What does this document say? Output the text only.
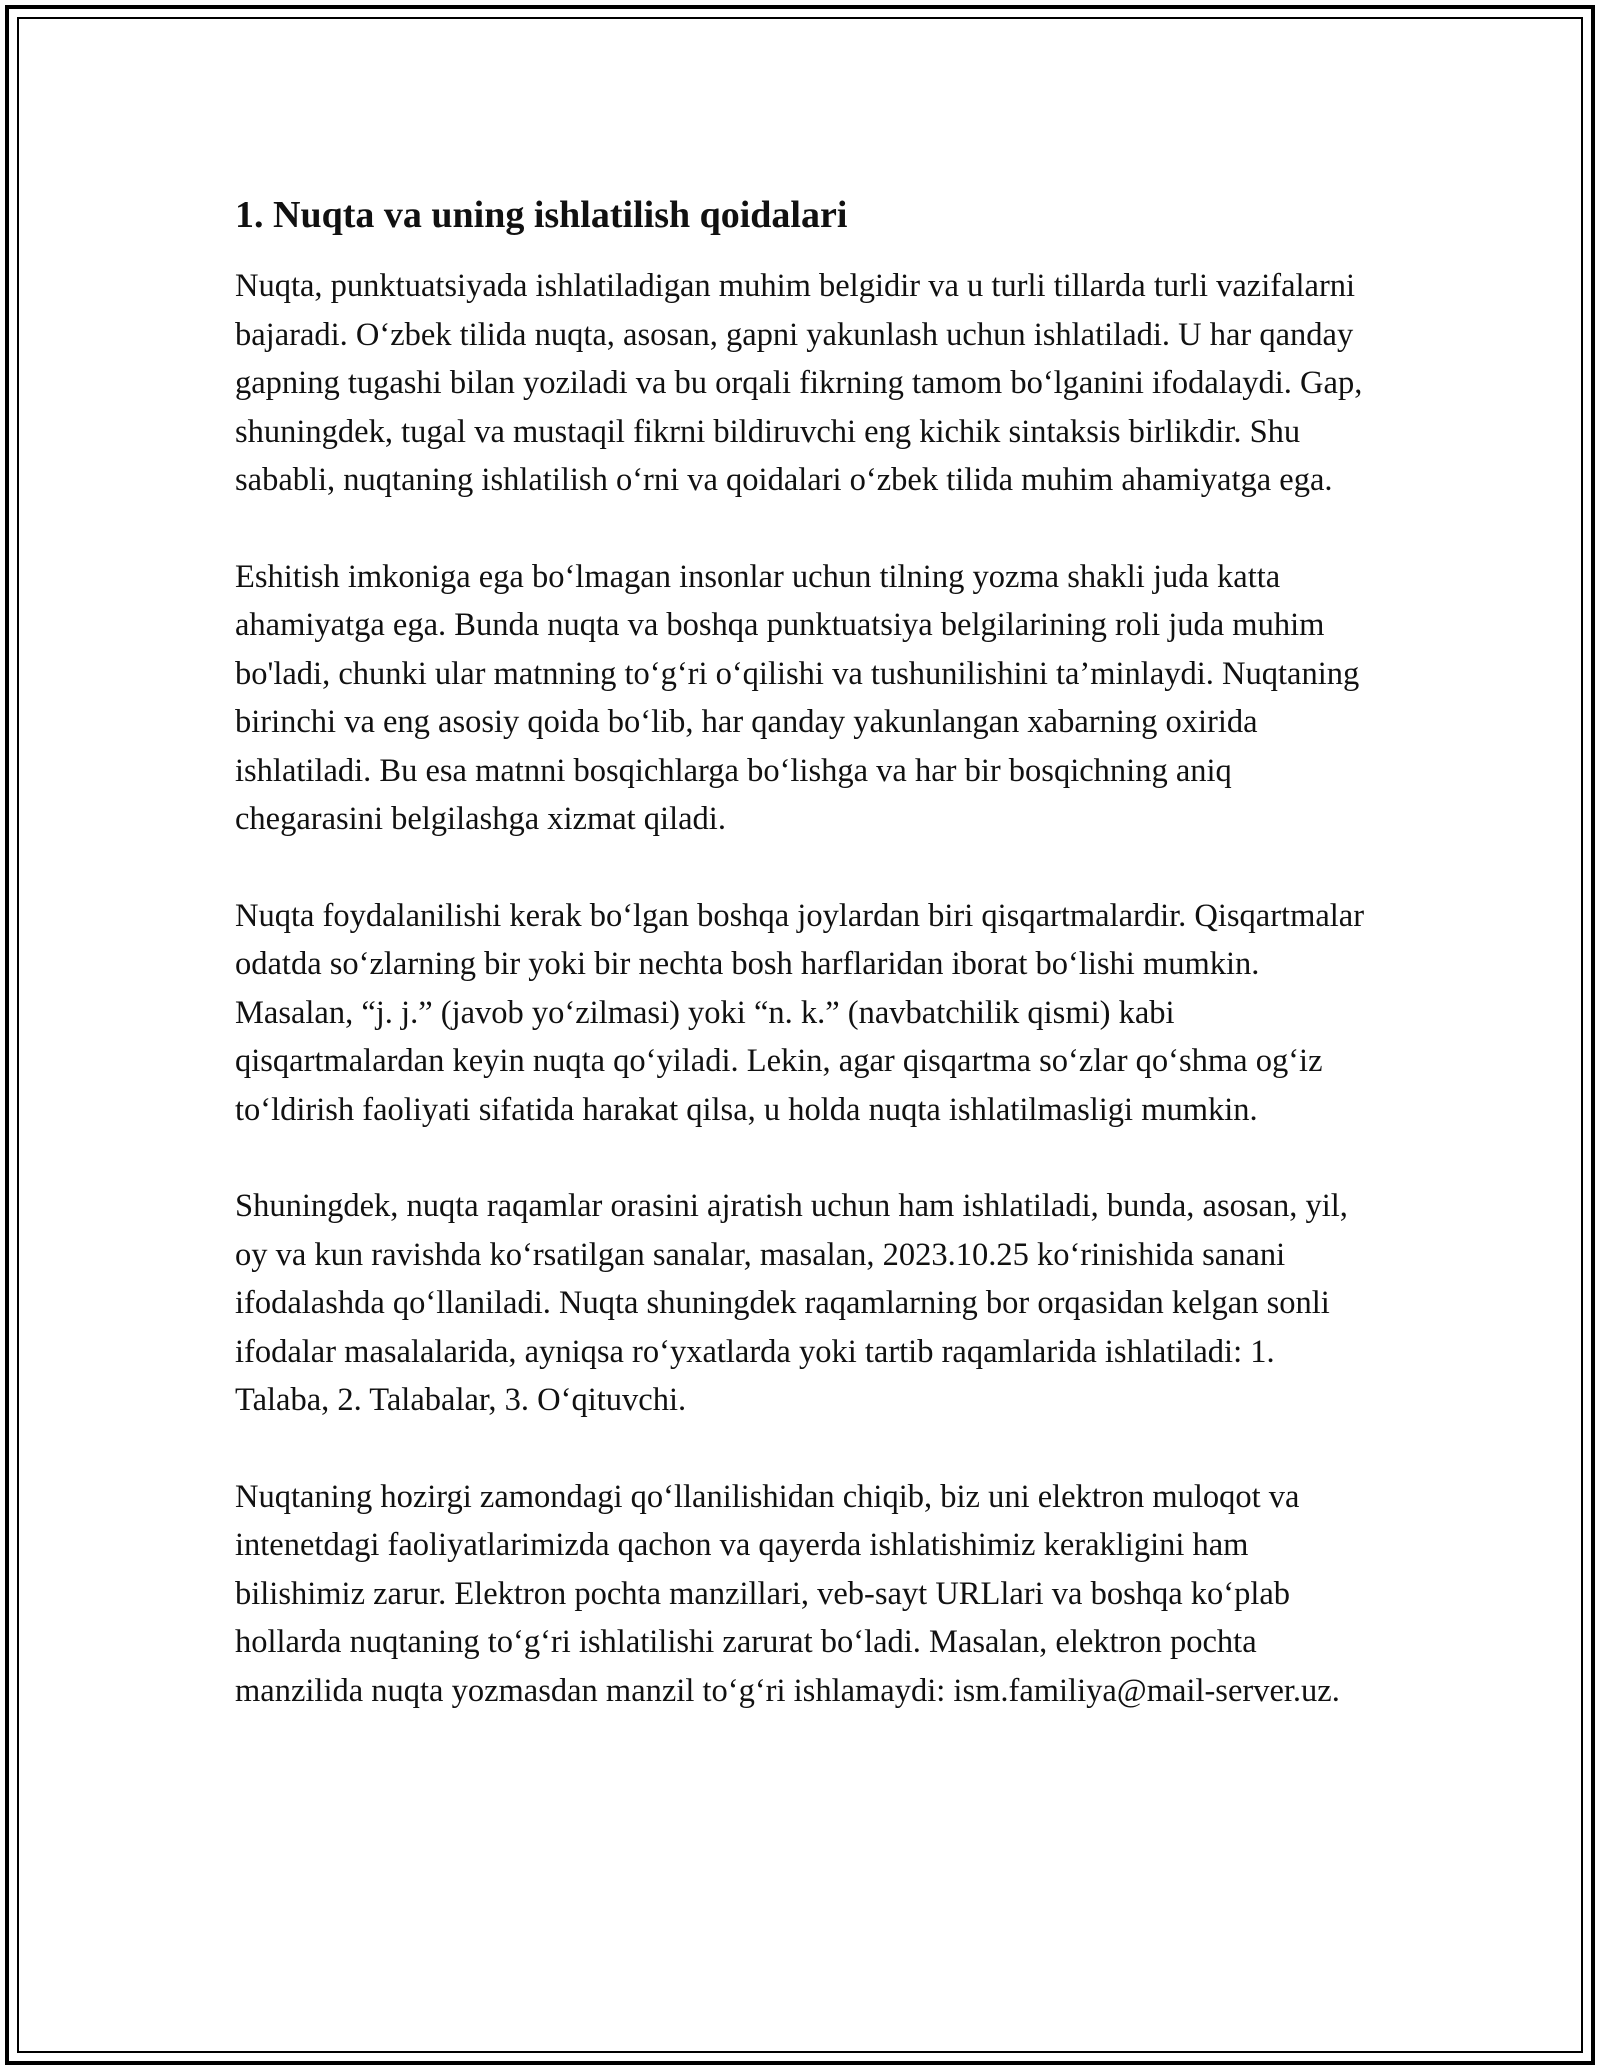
1. Nuqta va uning ishlatilish qoidalari

Nuqta, punktuatsiyada ishlatiladigan muhim belgidir va u turli tillarda turli vazifalarni bajaradi. O‘zbek tilida nuqta, asosan, gapni yakunlash uchun ishlatiladi. U har qanday gapning tugashi bilan yoziladi va bu orqali fikrning tamom bo‘lganini ifodalaydi. Gap, shuningdek, tugal va mustaqil fikrni bildiruvchi eng kichik sintaksis birlikdir. Shu sababli, nuqtaning ishlatilish o‘rni va qoidalari o‘zbek tilida muhim ahamiyatga ega.

Eshitish imkoniga ega bo‘lmagan insonlar uchun tilning yozma shakli juda katta ahamiyatga ega. Bunda nuqta va boshqa punktuatsiya belgilarining roli juda muhim bo'ladi, chunki ular matnning to‘g‘ri o‘qilishi va tushunilishini ta’minlaydi. Nuqtaning birinchi va eng asosiy qoida bo‘lib, har qanday yakunlangan xabarning oxirida ishlatiladi. Bu esa matnni bosqichlarga bo‘lishga va har bir bosqichning aniq chegarasini belgilashga xizmat qiladi.

Nuqta foydalanilishi kerak bo‘lgan boshqa joylardan biri qisqartmalardir. Qisqartmalar odatda so‘zlarning bir yoki bir nechta bosh harflaridan iborat bo‘lishi mumkin. Masalan, “j. j.” (javob yo‘zilmasi) yoki “n. k.” (navbatchilik qismi) kabi qisqartmalardan keyin nuqta qo‘yiladi. Lekin, agar qisqartma so‘zlar qo‘shma og‘iz to‘ldirish faoliyati sifatida harakat qilsa, u holda nuqta ishlatilmasligi mumkin.

Shuningdek, nuqta raqamlar orasini ajratish uchun ham ishlatiladi, bunda, asosan, yil, oy va kun ravishda ko‘rsatilgan sanalar, masalan, 2023.10.25 ko‘rinishida sanani ifodalashda qo‘llaniladi. Nuqta shuningdek raqamlarning bor orqasidan kelgan sonli ifodalar masalalarida, ayniqsa ro‘yxatlarda yoki tartib raqamlarida ishlatiladi: 1. Talaba, 2. Talabalar, 3. O‘qituvchi.

Nuqtaning hozirgi zamondagi qo‘llanilishidan chiqib, biz uni elektron muloqot va intenetdagi faoliyatlarimizda qachon va qayerda ishlatishimiz kerakligini ham bilishimiz zarur. Elektron pochta manzillari, veb-sayt URLlari va boshqa ko‘plab hollarda nuqtaning to‘g‘ri ishlatilishi zarurat bo‘ladi. Masalan, elektron pochta manzilida nuqta yozmasdan manzil to‘g‘ri ishlamaydi: ism.familiya@mail-server.uz.
